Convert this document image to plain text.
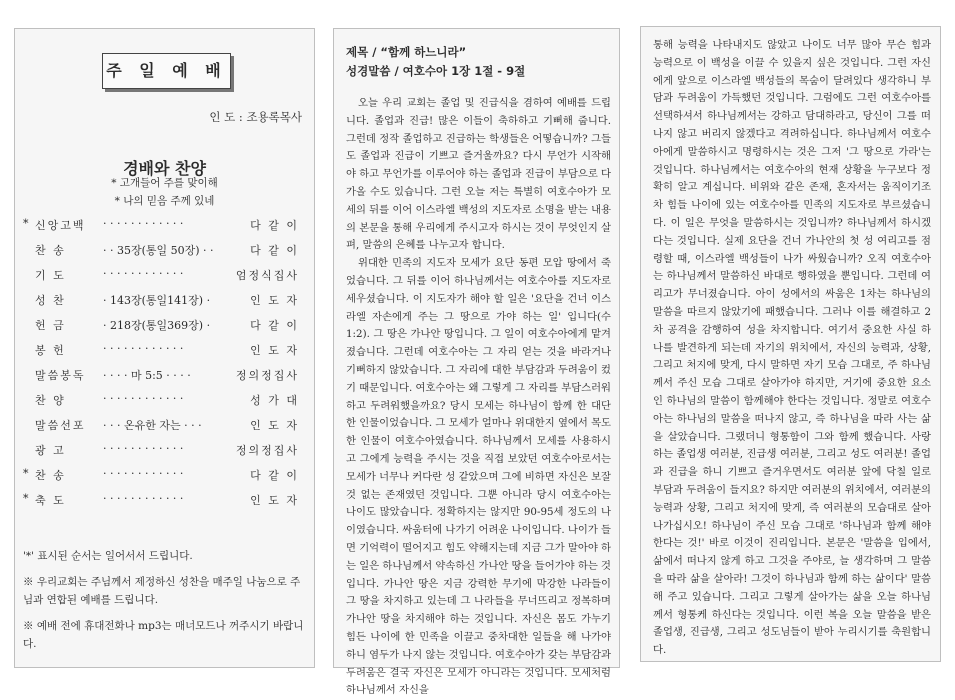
주 일 예 배
인 도 : 조용록목사
경배와 찬양
* 고개들어 주를 맞이해
* 나의 믿음 주께 있네
* 신앙고백	· · · · · · · · · · · ·	다 같 이
찬 송	· · 35장(통일 50장) · ·	다 같 이
기 도	· · · · · · · · · · · ·	엄정식집사
성 찬	· 143장(통일141장) ·	인 도 자
헌 금	· 218장(통일369장) ·	다 같 이
봉 헌	· · · · · · · · · · · ·	인 도 자
말씀봉독	· · · · 마 5:5 · · · ·	정의정집사
찬 양	· · · · · · · · · · · ·	성 가 대
말씀선포	· · · 온유한 자는 · · ·	인 도 자
광 고	· · · · · · · · · · · ·	정의정집사
* 찬 송	· · · · · · · · · · · ·	다 같 이
* 축 도	· · · · · · · · · · · ·	인 도 자

'*' 표시된 순서는 일어서서 드립니다.

※ 우리교회는 주님께서 제정하신 성찬을 매주일 나눔으로 주님과 연합된 예배를 드립니다.

※ 예배 전에 휴대전화나 mp3는 매너모드나 꺼주시기 바랍니다.

제목 / “함께 하느니라”
성경말씀 / 여호수아 1장 1절 - 9절

오늘 우리 교회는 졸업 및 진급식을 겸하여 예배를 드립니다. 졸업과 진급! 많은 이들이 축하하고 기뻐해 줍니다. 그런데 정작 졸업하고 진급하는 학생들은 어떻습니까? 그들도 졸업과 진급이 기쁘고 즐거울까요? 다시 무언가 시작해야 하고 무언가를 이루어야 하는 졸업과 진급이 부담으로 다가올 수도 있습니다. 그런 오늘 저는 특별히 여호수아가 모세의 뒤를 이어 이스라엘 백성의 지도자로 소명을 받는 내용의 본문을 통해 우리에게 주시고자 하시는 것이 무엇인지 살펴, 말씀의 은혜를 나누고자 합니다.

위대한 민족의 지도자 모세가 요단 동편 모압 땅에서 죽었습니다. 그 뒤를 이어 하나님께서는 여호수아를 지도자로 세우셨습니다. 이 지도자가 해야 할 일은 '요단을 건너 이스라엘 자손에게 주는 그 땅으로 가야 하는 일' 입니다(수1:2). 그 땅은 가나안 땅입니다. 그 일이 여호수아에게 맡겨졌습니다. 그런데 여호수아는 그 자리 얻는 것을 바라거나 기뻐하지 않았습니다. 그 자리에 대한 부담감과 두려움이 컸기 때문입니다. 여호수아는 왜 그렇게 그 자리를 부담스러워 하고 두려워했을까요? 당시 모세는 하나님이 함께 한 대단한 인물이었습니다. 그 모세가 얼마나 위대한지 옆에서 목도한 인물이 여호수아였습니다. 하나님께서 모세를 사용하시고 그에게 능력을 주시는 것을 직접 보았던 여호수아로서는 모세가 너무나 커다란 성 같았으며 그에 비하면 자신은 보잘 것 없는 존재였던 것입니다. 그뿐 아니라 당시 여호수아는 나이도 많았습니다. 정확하지는 않지만 90-95세 정도의 나이였습니다. 싸움터에 나가기 어려운 나이입니다. 나이가 들면 기억력이 떨어지고 힘도 약해지는데 지금 그가 말아야 하는 일은 하나님께서 약속하신 가나안 땅을 들어가야 하는 것입니다. 가나안 땅은 지금 강력한 무기에 막강한 나라들이 그 땅을 차지하고 있는데 그 나라들을 무너뜨리고 정복하며 가나안 땅을 차지해야 하는 것입니다. 자신은 몸도 가누기 힘든 나이에 한 민족을 이끌고 중차대한 일들을 해 나가야 하니 염두가 나지 않는 것입니다. 여호수아가 갖는 부담감과 두려움은 결국 자신은 모세가 아니라는 것입니다. 모세처럼 하나님께서 자신을

통해 능력을 나타내지도 않았고 나이도 너무 많아 무슨 힘과 능력으로 이 백성을 이끌 수 있을지 싶은 것입니다. 그런 자신에게 앞으로 이스라엘 백성들의 목숨이 달려있다 생각하니 부담과 두려움이 가득했던 것입니다. 그럼에도 그런 여호수아를 선택하셔서 하나님께서는 강하고 담대하라고, 당신이 그를 떠나지 않고 버리지 않겠다고 격려하십니다. 하나님께서 여호수아에게 말씀하시고 명령하시는 것은 그저 '그 땅으로 가라'는 것입니다. 하나님께서는 여호수아의 현재 상황을 누구보다 정확히 알고 계십니다. 비위와 같은 존재, 혼자서는 움직이기조차 힘들 나이에 있는 여호수아를 민족의 지도자로 부르셨습니다. 이 일은 무엇을 말씀하시는 것입니까? 하나님께서 하시겠다는 것입니다. 실제 요단을 건너 가나안의 첫 성 여리고를 점령할 때, 이스라엘 백성들이 나가 싸웠습니까? 오직 여호수아는 하나님께서 말씀하신 바대로 행하였을 뿐입니다. 그런데 여리고가 무너졌습니다. 아이 성에서의 싸움은 1차는 하나님의 말씀을 따르지 않았기에 패했습니다. 그러나 이를 해결하고 2차 공격을 감행하여 성을 차지합니다. 여기서 중요한 사실 하나를 발견하게 되는데 자기의 위치에서, 자신의 능력과, 상황, 그리고 처지에 맞게, 다시 말하면 자기 모습 그대로, 주 하나님께서 주신 모습 그대로 살아가야 하지만, 거기에 중요한 요소인 하나님의 말씀이 함께해야 한다는 것입니다. 정말로 여호수아는 하나님의 말씀을 떠나지 않고, 즉 하나님을 따라 사는 삶을 살았습니다. 그랬더니 형통함이 그와 함께 했습니다. 사랑하는 졸업생 여러분, 진급생 여러분, 그리고 성도 여러분! 졸업과 진급을 하니 기쁘고 즐거우면서도 여러분 앞에 닥칠 일로 부담과 두려움이 들지요? 하지만 여러분의 위치에서, 여러분의 능력과 상황, 그리고 처지에 맞게, 즉 여러분의 모습대로 살아나가십시오! 하나님이 주신 모습 그대로 '하나님과 함께 해야 한다는 것!' 바로 이것이 진리입니다. 본문은 '말씀을 입에서, 삶에서 떠나지 않게 하고 그것을 주야로, 늘 생각하며 그 말씀을 따라 삶을 살아라! 그것이 하나님과 함께 하는 삶이다' 말씀해 주고 있습니다. 그리고 그렇게 살아가는 삶을 오늘 하나님께서 형통케 하신다는 것입니다. 이런 복을 오늘 말씀을 받은 졸업생, 진급생, 그리고 성도님들이 받아 누리시기를 축원합니다.
